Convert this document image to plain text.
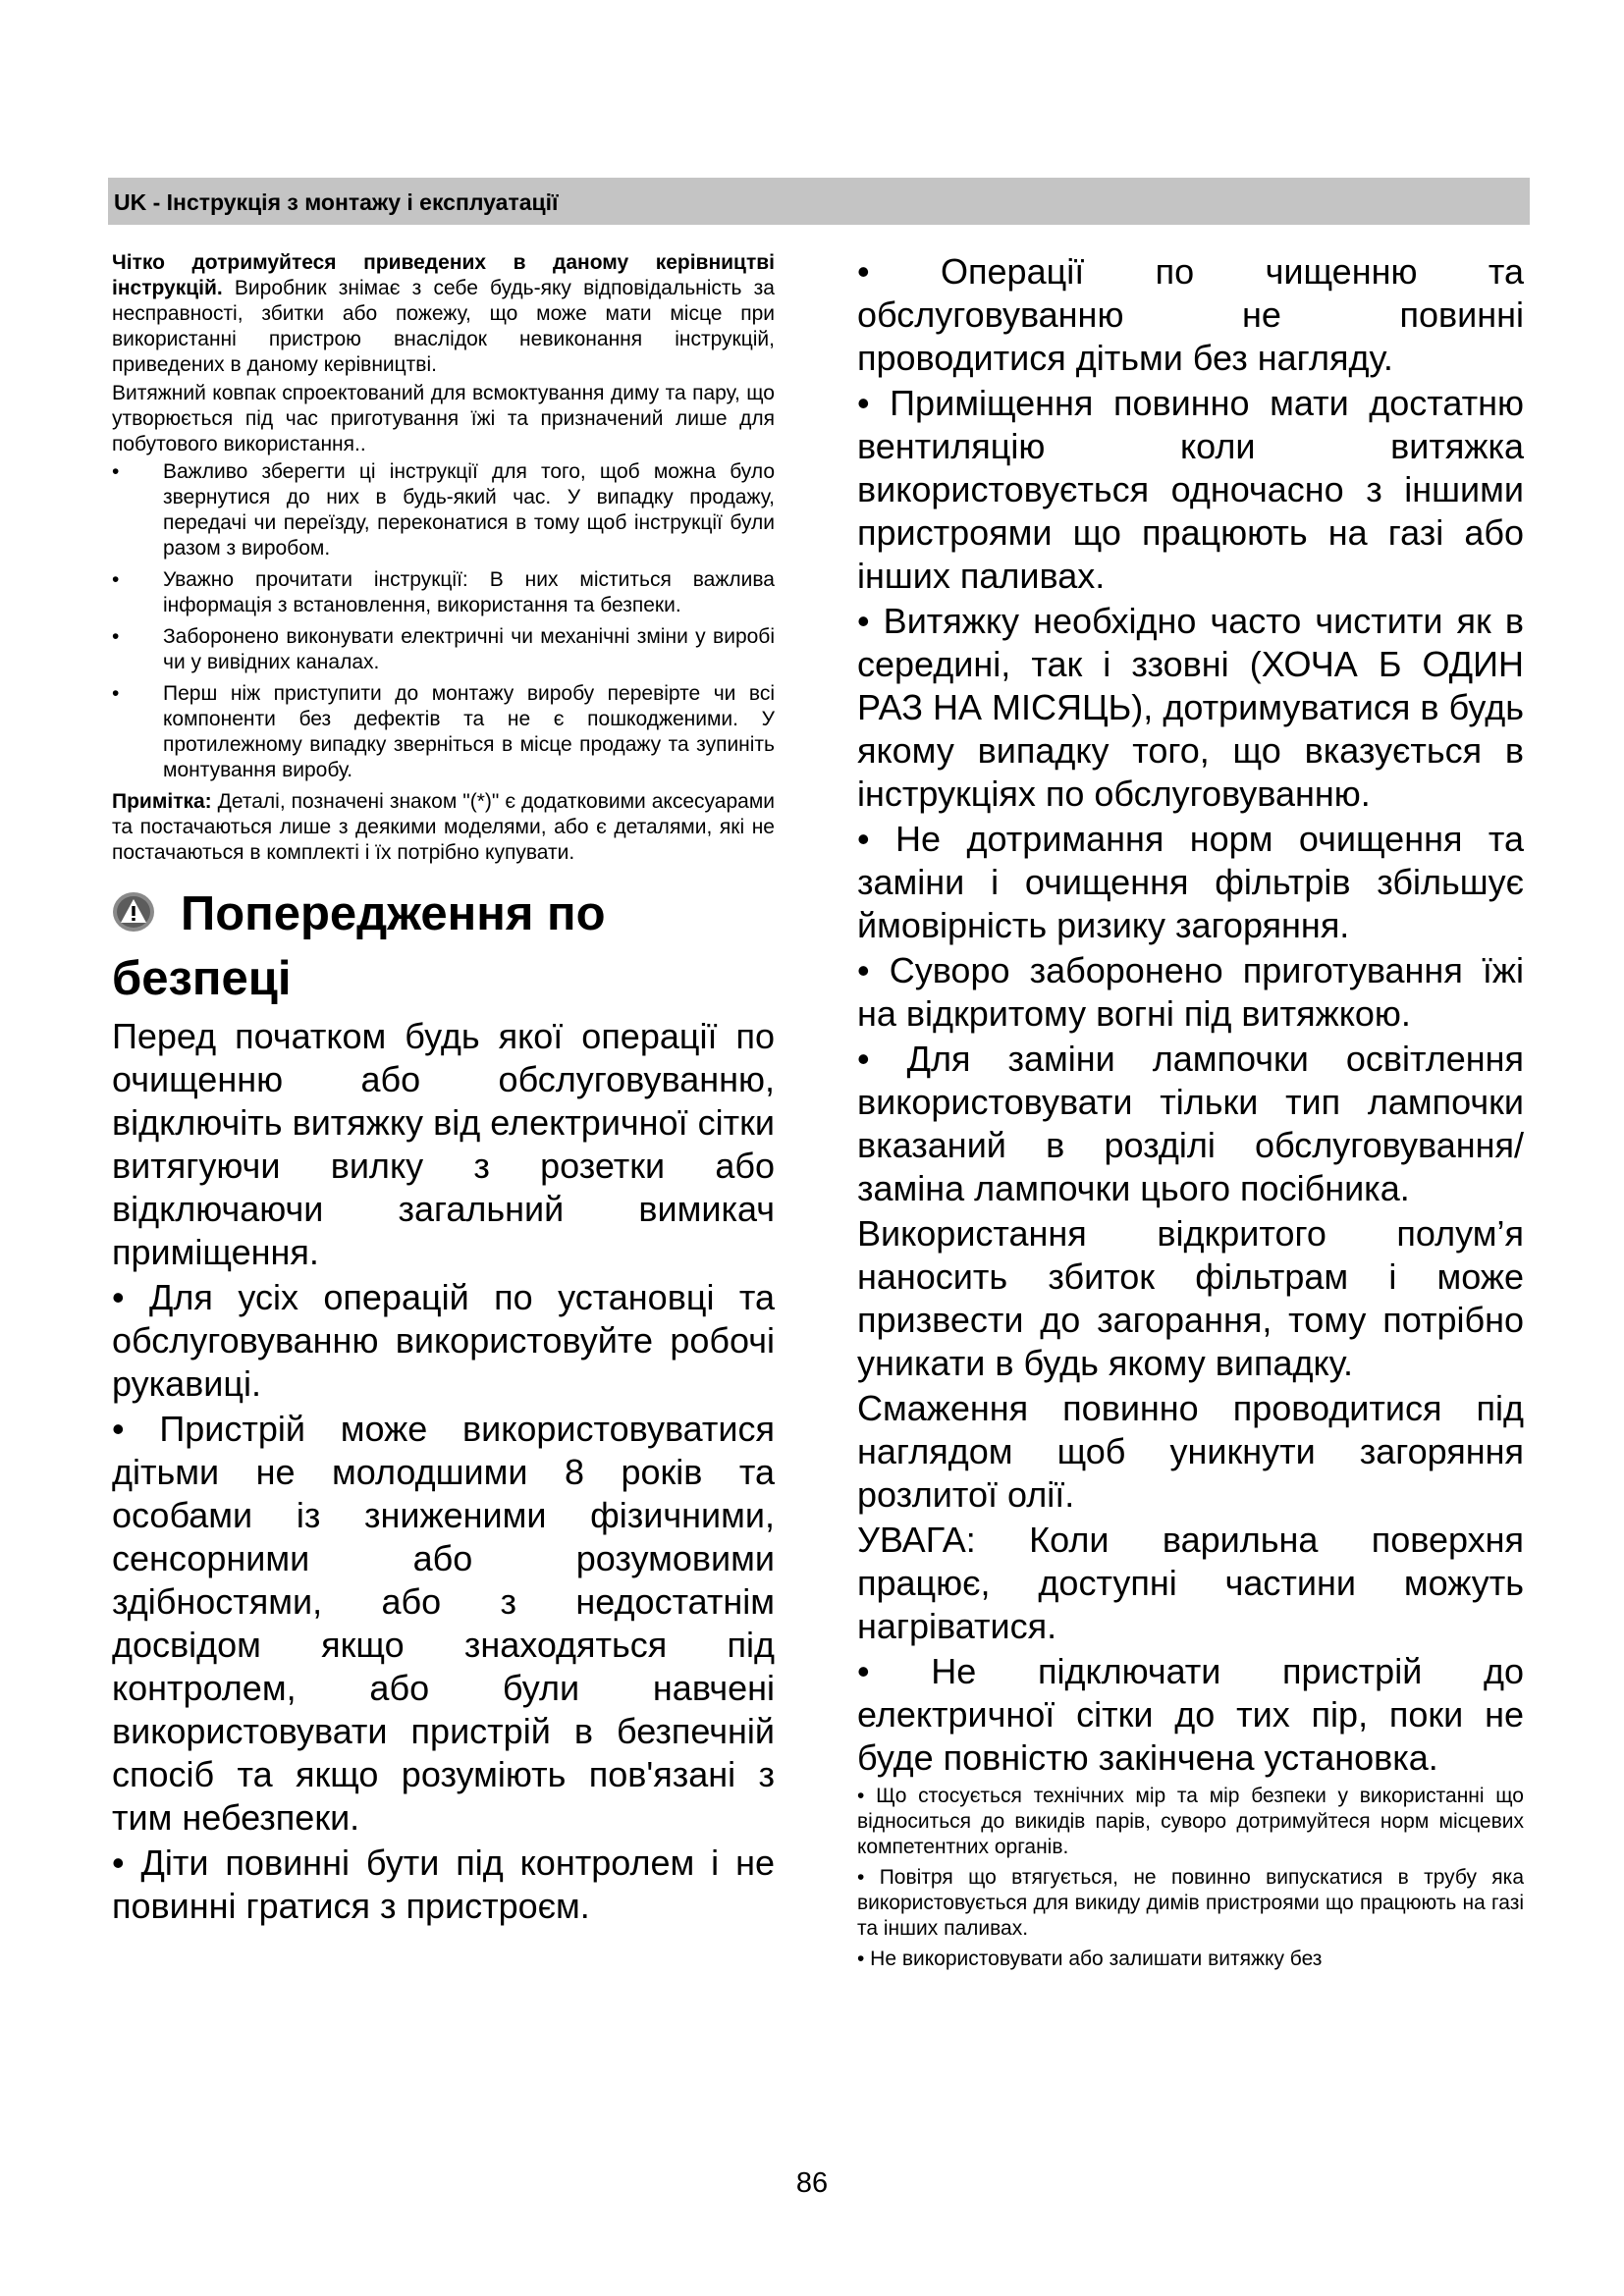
UK - Інструкція з монтажу і експлуатації

Чітко дотримуйтеся приведених в даному керівництві інструкцій. Виробник знімає з себе будь-яку відповідальність за несправності, збитки або пожежу, що може мати місце при використанні пристрою внаслідок невиконання інструкцій, приведених в даному керівництві.

Витяжний ковпак спроектований для всмоктування диму та пару, що утворюється під час приготування їжі та призначений лише для побутового використання..

• Важливо зберегти ці інструкції для того, щоб можна було звернутися до них в будь-який час. У випадку продажу, передачі чи переїзду, переконатися в тому щоб інструкції були разом з виробом.
• Уважно прочитати інструкції: В них міститься важлива інформація з встановлення, використання та безпеки.
• Заборонено виконувати електричні чи механічні зміни у виробі чи у вивідних каналах.
• Перш ніж приступити до монтажу виробу перевірте чи всі компоненти без дефектів та не є пошкодженими. У протилежному випадку зверніться в місце продажу та зупиніть монтування виробу.

Примітка: Деталі, позначені знаком "(*)" є додатковими аксесуарами та постачаються лише з деякими моделями, або є деталями, які не постачаються в комплекті і їх потрібно купувати.

Попередження по
безпеці

Перед початком будь якої операції по очищенню або обслуговуванню, відключіть витяжку від електричної сітки витягуючи вилку з розетки або відключаючи загальний вимикач приміщення.

• Для усіх операцій по установці та обслуговуванню використовуйте робочі рукавиці.

• Пристрій може використовуватися дітьми не молодшими 8 років та особами із зниженими фізичними, сенсорними або розумовими здібностями, або з недостатнім досвідом якщо знаходяться під контролем, або були навчені використовувати пристрій в безпечній спосіб та якщо розуміють пов'язані з тим небезпеки.

• Діти повинні бути під контролем і не повинні гратися з пристроєм.

• Операції по чищенню та обслуговуванню не повинні проводитися дітьми без нагляду.

• Приміщення повинно мати достатню вентиляцію коли витяжка використовується одночасно з іншими пристроями що працюють на газі або інших паливах.

• Витяжку необхідно часто чистити як в середині, так і ззовні (ХОЧА Б ОДИН РАЗ НА МІСЯЦЬ), дотримуватися в будь якому випадку того, що вказується в інструкціях по обслуговуванню.

• Не дотримання норм очищення та заміни і очищення фільтрів збільшує ймовірність ризику загоряння.

• Суворо заборонено приготування їжі на відкритому вогні під витяжкою.

• Для заміни лампочки освітлення використовувати тільки тип лампочки вказаний в розділі обслуговування/заміна лампочки цього посібника.

Використання відкритого полум’я наносить збиток фільтрам і може призвести до загорання, тому потрібно уникати в будь якому випадку.

Смаження повинно проводитися під наглядом щоб уникнути загоряння розлитої олії.

УВАГА: Коли варильна поверхня працює, доступні частини можуть нагріватися.

• Не підключати пристрій до електричної сітки до тих пір, поки не буде повністю закінчена установка.

• Що стосується технічних мір та мір безпеки у використанні що відноситься до викидів парів, суворо дотримуйтеся норм місцевих компетентних органів.

• Повітря що втягується, не повинно випускатися в трубу яка використовується для викиду димів пристроями що працюють на газі та інших паливах.

• Не використовувати або залишати витяжку без

86
